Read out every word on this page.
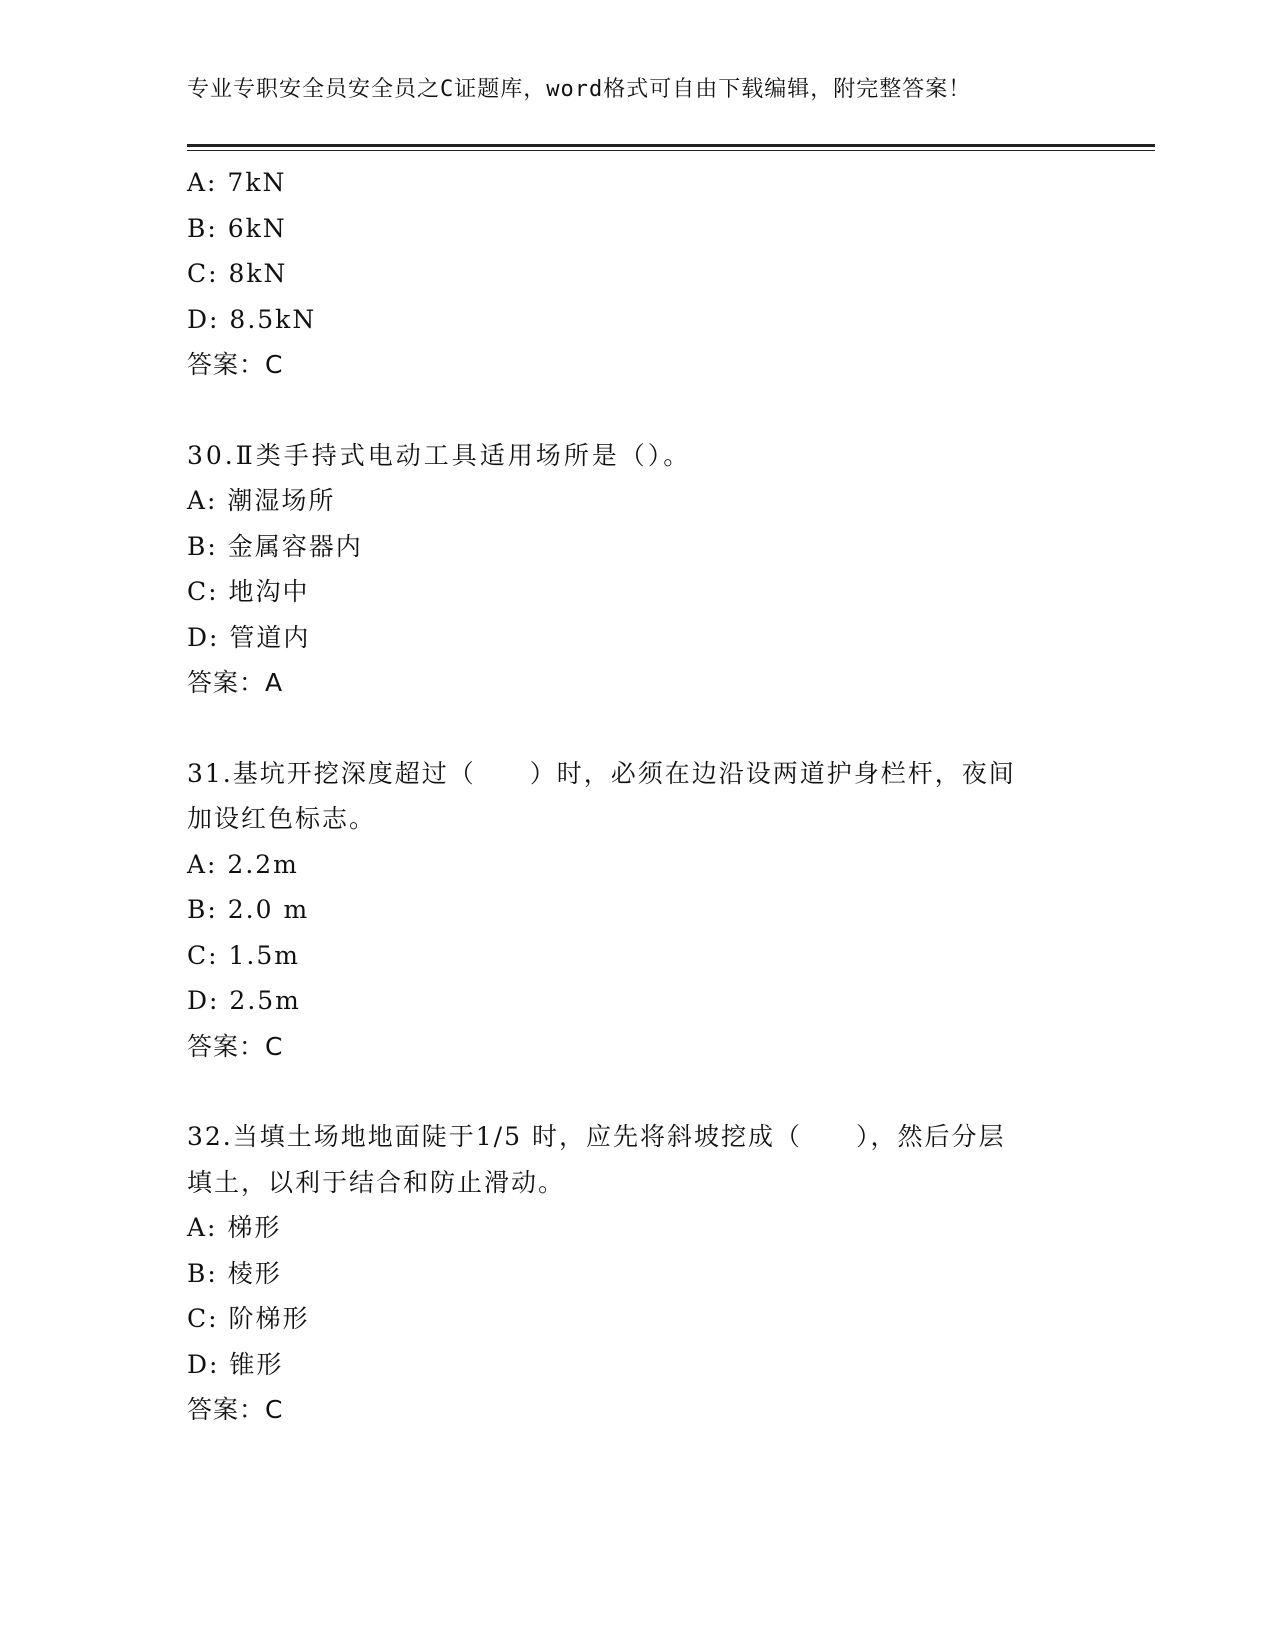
专业专职安全员安全员之C证题库，word格式可自由下载编辑，附完整答案！
A: 7kN
B: 6kN
C: 8kN
D: 8.5kN
答案：C
30.Ⅱ类手持式电动工具适用场所是（）。
A: 潮湿场所
B: 金属容器内
C: 地沟中
D: 管道内
答案：A
31.基坑开挖深度超过（　　）时，必须在边沿设两道护身栏杆，夜间
加设红色标志。
A: 2.2m
B: 2.0 m
C: 1.5m
D: 2.5m
答案：C
32.当填土场地地面陡于1/5 时，应先将斜坡挖成（　　），然后分层
填土，以利于结合和防止滑动。
A: 梯形
B: 棱形
C: 阶梯形
D: 锥形
答案：C
